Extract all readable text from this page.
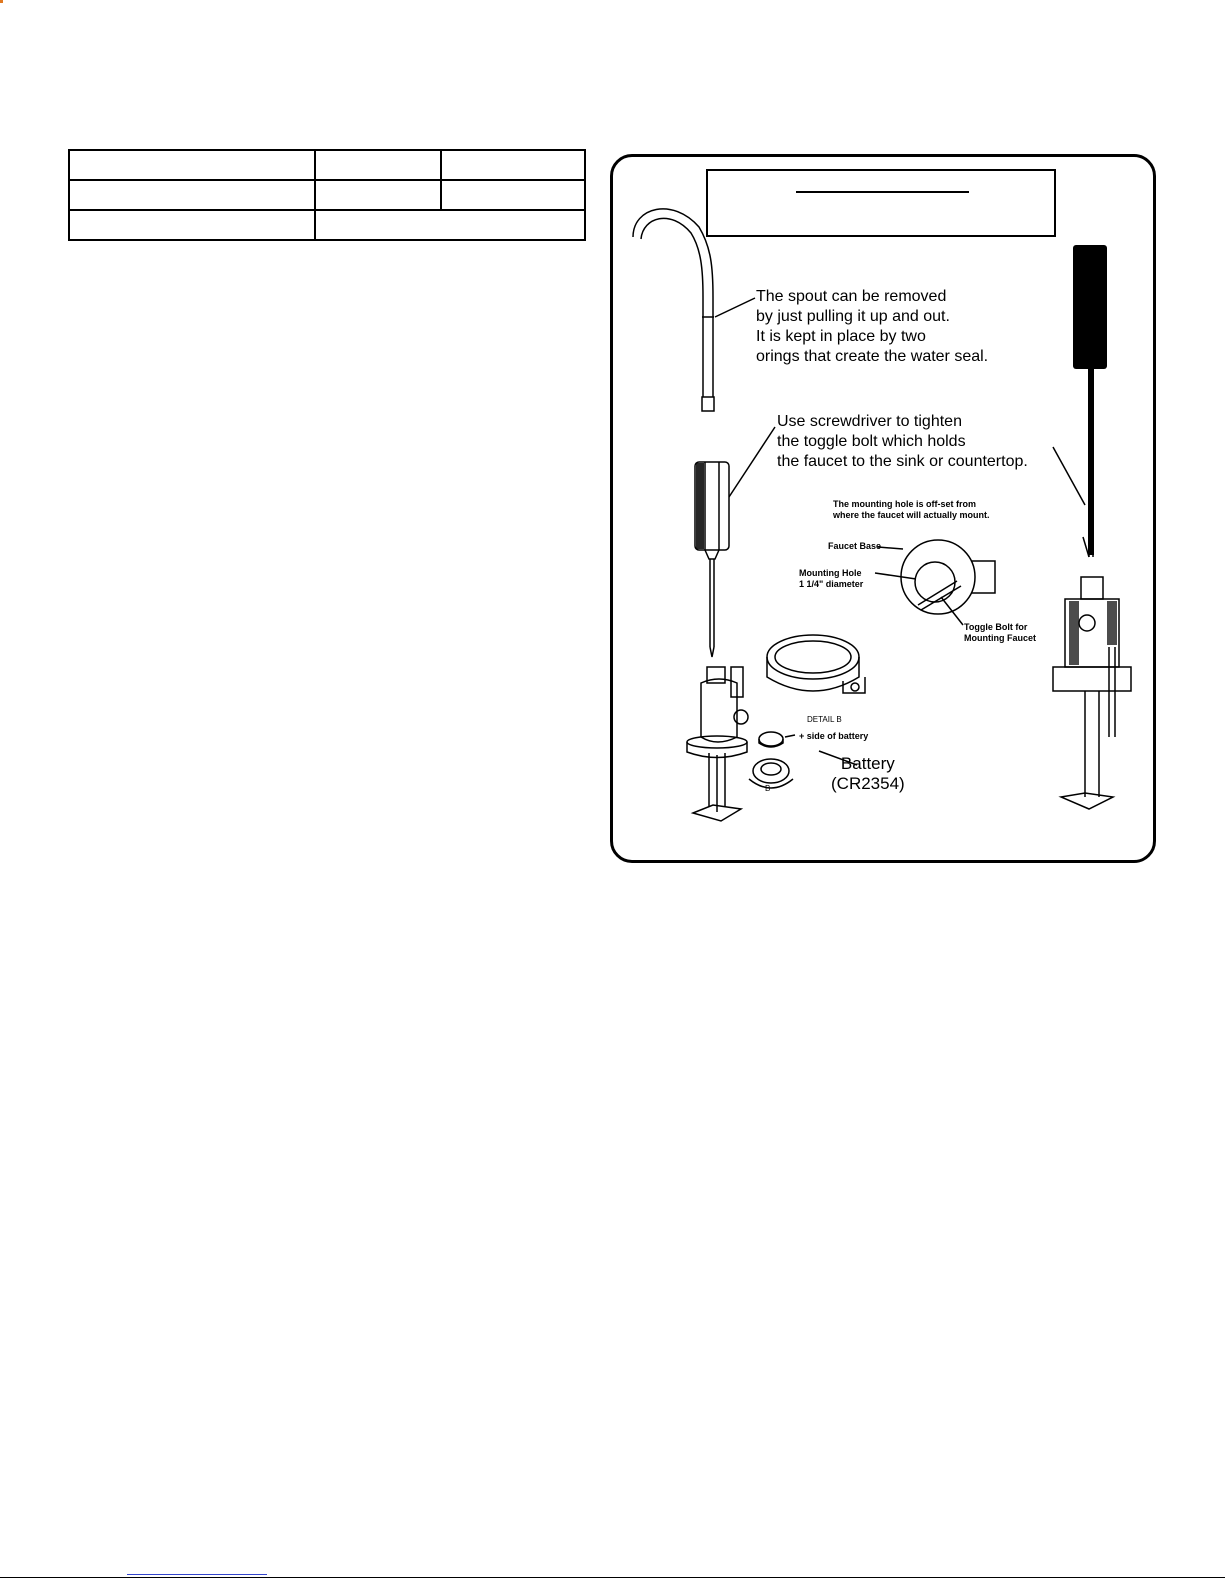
The spout can be removed
by just pulling it up and out.
It is kept in place by two
orings that create the water seal.
Use screwdriver to tighten
the toggle bolt which holds
the faucet to the sink or countertop.
The mounting hole is off-set from
where the faucet will actually mount.
Faucet Base
Mounting Hole
1 1/4" diameter
Toggle Bolt for
Mounting Faucet
DETAIL B
+ side of battery
Battery
(CR2354)
B
